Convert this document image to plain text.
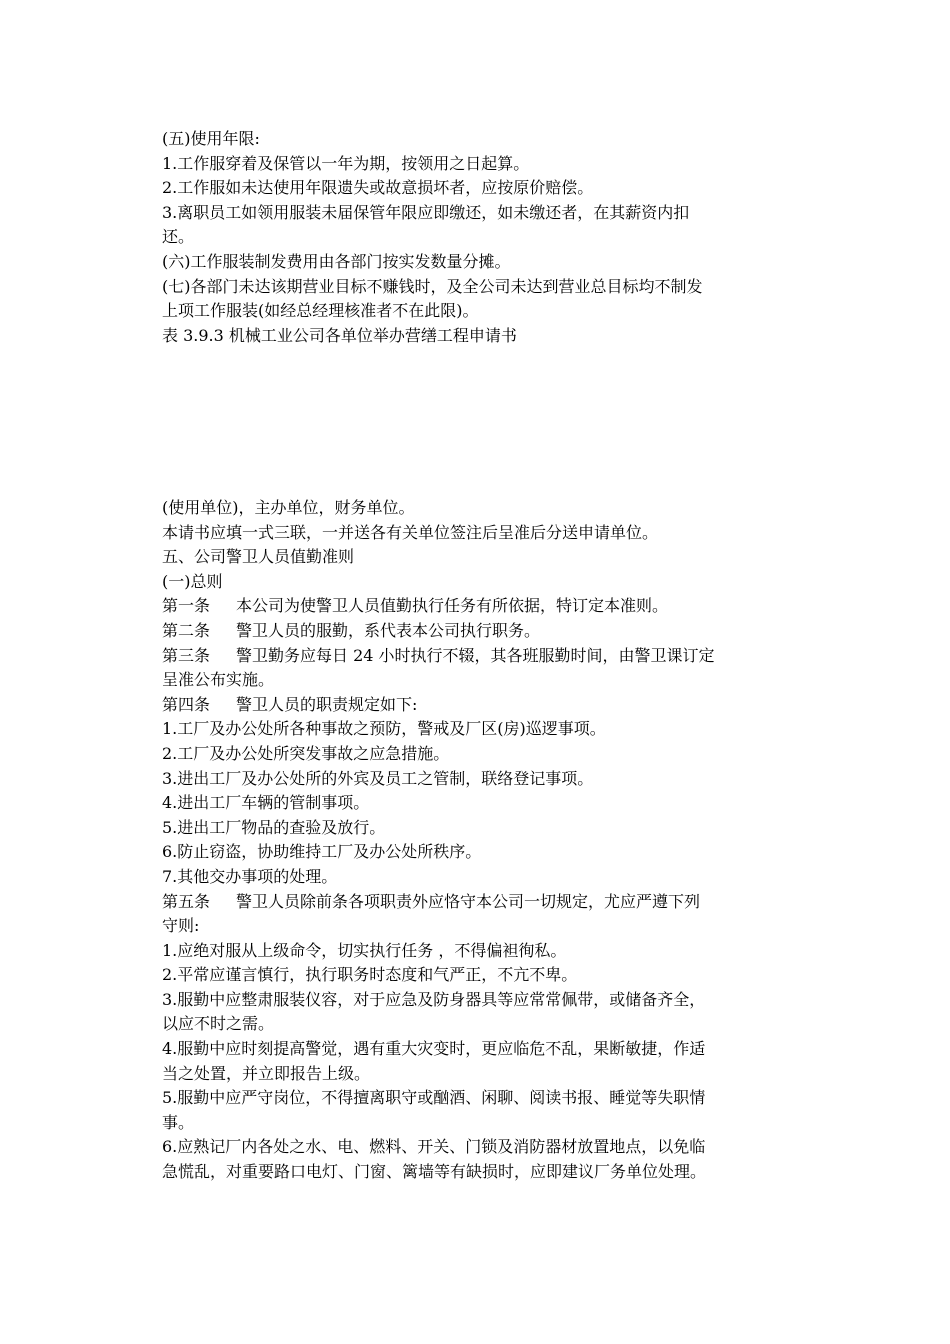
(五)使用年限:

1.工作服穿着及保管以一年为期，按领用之日起算。

2.工作服如未达使用年限遗失或故意损坏者，应按原价赔偿。

3.离职员工如领用服装未届保管年限应即缴还，如未缴还者，在其薪资内扣

还。

(六)工作服装制发费用由各部门按实发数量分摊。

(七)各部门未达该期营业目标不赚钱时，及全公司未达到营业总目标均不制发

上项工作服装(如经总经理核准者不在此限)。

表 3.9.3 机械工业公司各单位举办营缮工程申请书

(使用单位)，主办单位，财务单位。

本请书应填一式三联，一并送各有关单位签注后呈准后分送申请单位。

五、公司警卫人员值勤准则

(一)总则

第一条 本公司为使警卫人员值勤执行任务有所依据，特订定本准则。

第二条 警卫人员的服勤，系代表本公司执行职务。

第三条 警卫勤务应每日 24 小时执行不辍，其各班服勤时间，由警卫课订定

呈准公布实施。

第四条 警卫人员的职责规定如下:

1.工厂及办公处所各种事故之预防，警戒及厂区(房)巡逻事项。

2.工厂及办公处所突发事故之应急措施。

3.进出工厂及办公处所的外宾及员工之管制，联络登记事项。

4.进出工厂车辆的管制事项。

5.进出工厂物品的查验及放行。

6.防止窃盗，协助维持工厂及办公处所秩序。

7.其他交办事项的处理。

第五条 警卫人员除前条各项职责外应恪守本公司一切规定，尤应严遵下列

守则:

1.应绝对服从上级命令，切实执行任务 ，不得偏袒徇私。

2.平常应谨言慎行，执行职务时态度和气严正，不亢不卑。

3.服勤中应整肃服装仪容，对于应急及防身器具等应常常佩带，或储备齐全，

以应不时之需。

4.服勤中应时刻提高警觉，遇有重大灾变时，更应临危不乱，果断敏捷，作适

当之处置，并立即报告上级。

5.服勤中应严守岗位，不得擅离职守或酗酒、闲聊、阅读书报、睡觉等失职情

事。

6.应熟记厂内各处之水、电、燃料、开关、门锁及消防器材放置地点，以免临

急慌乱，对重要路口电灯、门窗、篱墙等有缺损时，应即建议厂务单位处理。
